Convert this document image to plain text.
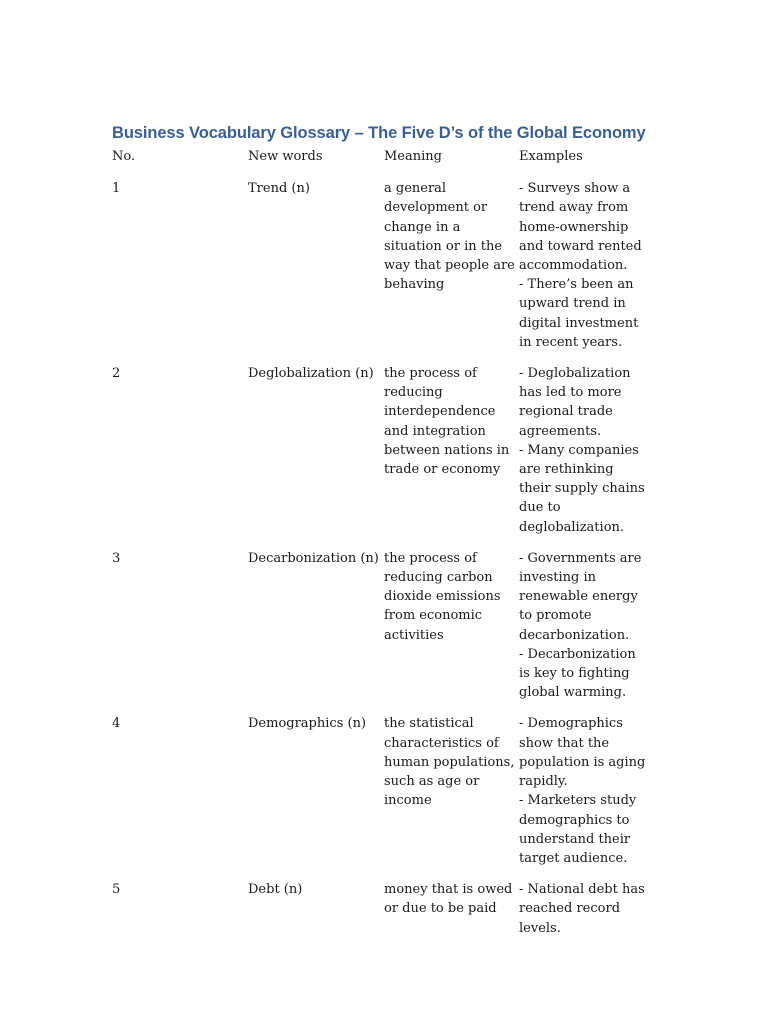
Business Vocabulary Glossary – The Five D’s of the Global Economy
No.	New words	Meaning	Examples
1	Trend (n)	a general development or change in a situation or in the way that people are behaving	- Surveys show a trend away from home-ownership and toward rented accommodation.
- There’s been an upward trend in digital investment in recent years.

2	Deglobalization (n)	the process of reducing interdependence and integration between nations in trade or economy	- Deglobalization has led to more regional trade agreements.
- Many companies are rethinking their supply chains due to deglobalization.

3	Decarbonization (n)	the process of reducing carbon dioxide emissions from economic activities	- Governments are investing in renewable energy to promote decarbonization.
- Decarbonization is key to fighting global warming.

4	Demographics (n)	the statistical characteristics of human populations, such as age or income	- Demographics show that the population is aging rapidly.
- Marketers study demographics to understand their target audience.

5	Debt (n)	money that is owed or due to be paid	- National debt has reached record levels.
